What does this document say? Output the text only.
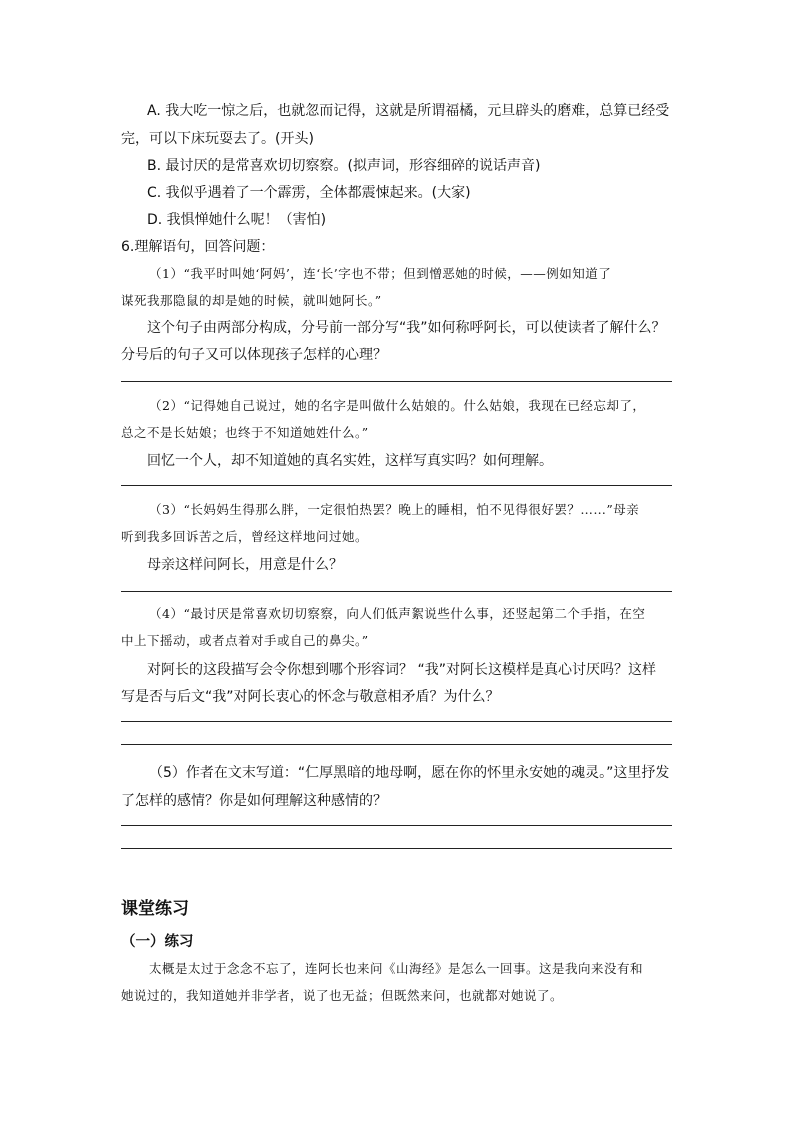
A. 我大吃一惊之后，也就忽而记得，这就是所谓福橘，元旦辟头的磨难，总算已经受

完，可以下床玩耍去了。(开头)

B. 最讨厌的是常喜欢切切察察。(拟声词，形容细碎的说话声音)

C. 我似乎遇着了一个霹雳，全体都震悚起来。(大家)

D. 我惧惮她什么呢！（害怕)

6.理解语句，回答问题：

（1）“我平时叫她‘阿妈’，连‘长’字也不带；但到憎恶她的时候，——例如知道了

谋死我那隐鼠的却是她的时候，就叫她阿长。”

这个句子由两部分构成，分号前一部分写“我”如何称呼阿长，可以使读者了解什么？

分号后的句子又可以体现孩子怎样的心理？

（2）“记得她自己说过，她的名字是叫做什么姑娘的。什么姑娘，我现在已经忘却了，

总之不是长姑娘；也终于不知道她姓什么。”

回忆一个人，却不知道她的真名实姓，这样写真实吗？如何理解。

（3）“长妈妈生得那么胖，一定很怕热罢？晚上的睡相，怕不见得很好罢？……”母亲

听到我多回诉苦之后，曾经这样地问过她。

母亲这样问阿长，用意是什么？

（4）“最讨厌是常喜欢切切察察，向人们低声絮说些什么事，还竖起第二个手指，在空

中上下摇动，或者点着对手或自己的鼻尖。”

对阿长的这段描写会令你想到哪个形容词？ “我”对阿长这模样是真心讨厌吗？这样

写是否与后文“我”对阿长衷心的怀念与敬意相矛盾？为什么？

（5）作者在文末写道：“仁厚黑暗的地母啊，愿在你的怀里永安她的魂灵。”这里抒发

了怎样的感情？你是如何理解这种感情的？

课堂练习

（一）练习

太概是太过于念念不忘了，连阿长也来问《山海经》是怎么一回事。这是我向来没有和

她说过的，我知道她并非学者，说了也无益；但既然来问，也就都对她说了。
